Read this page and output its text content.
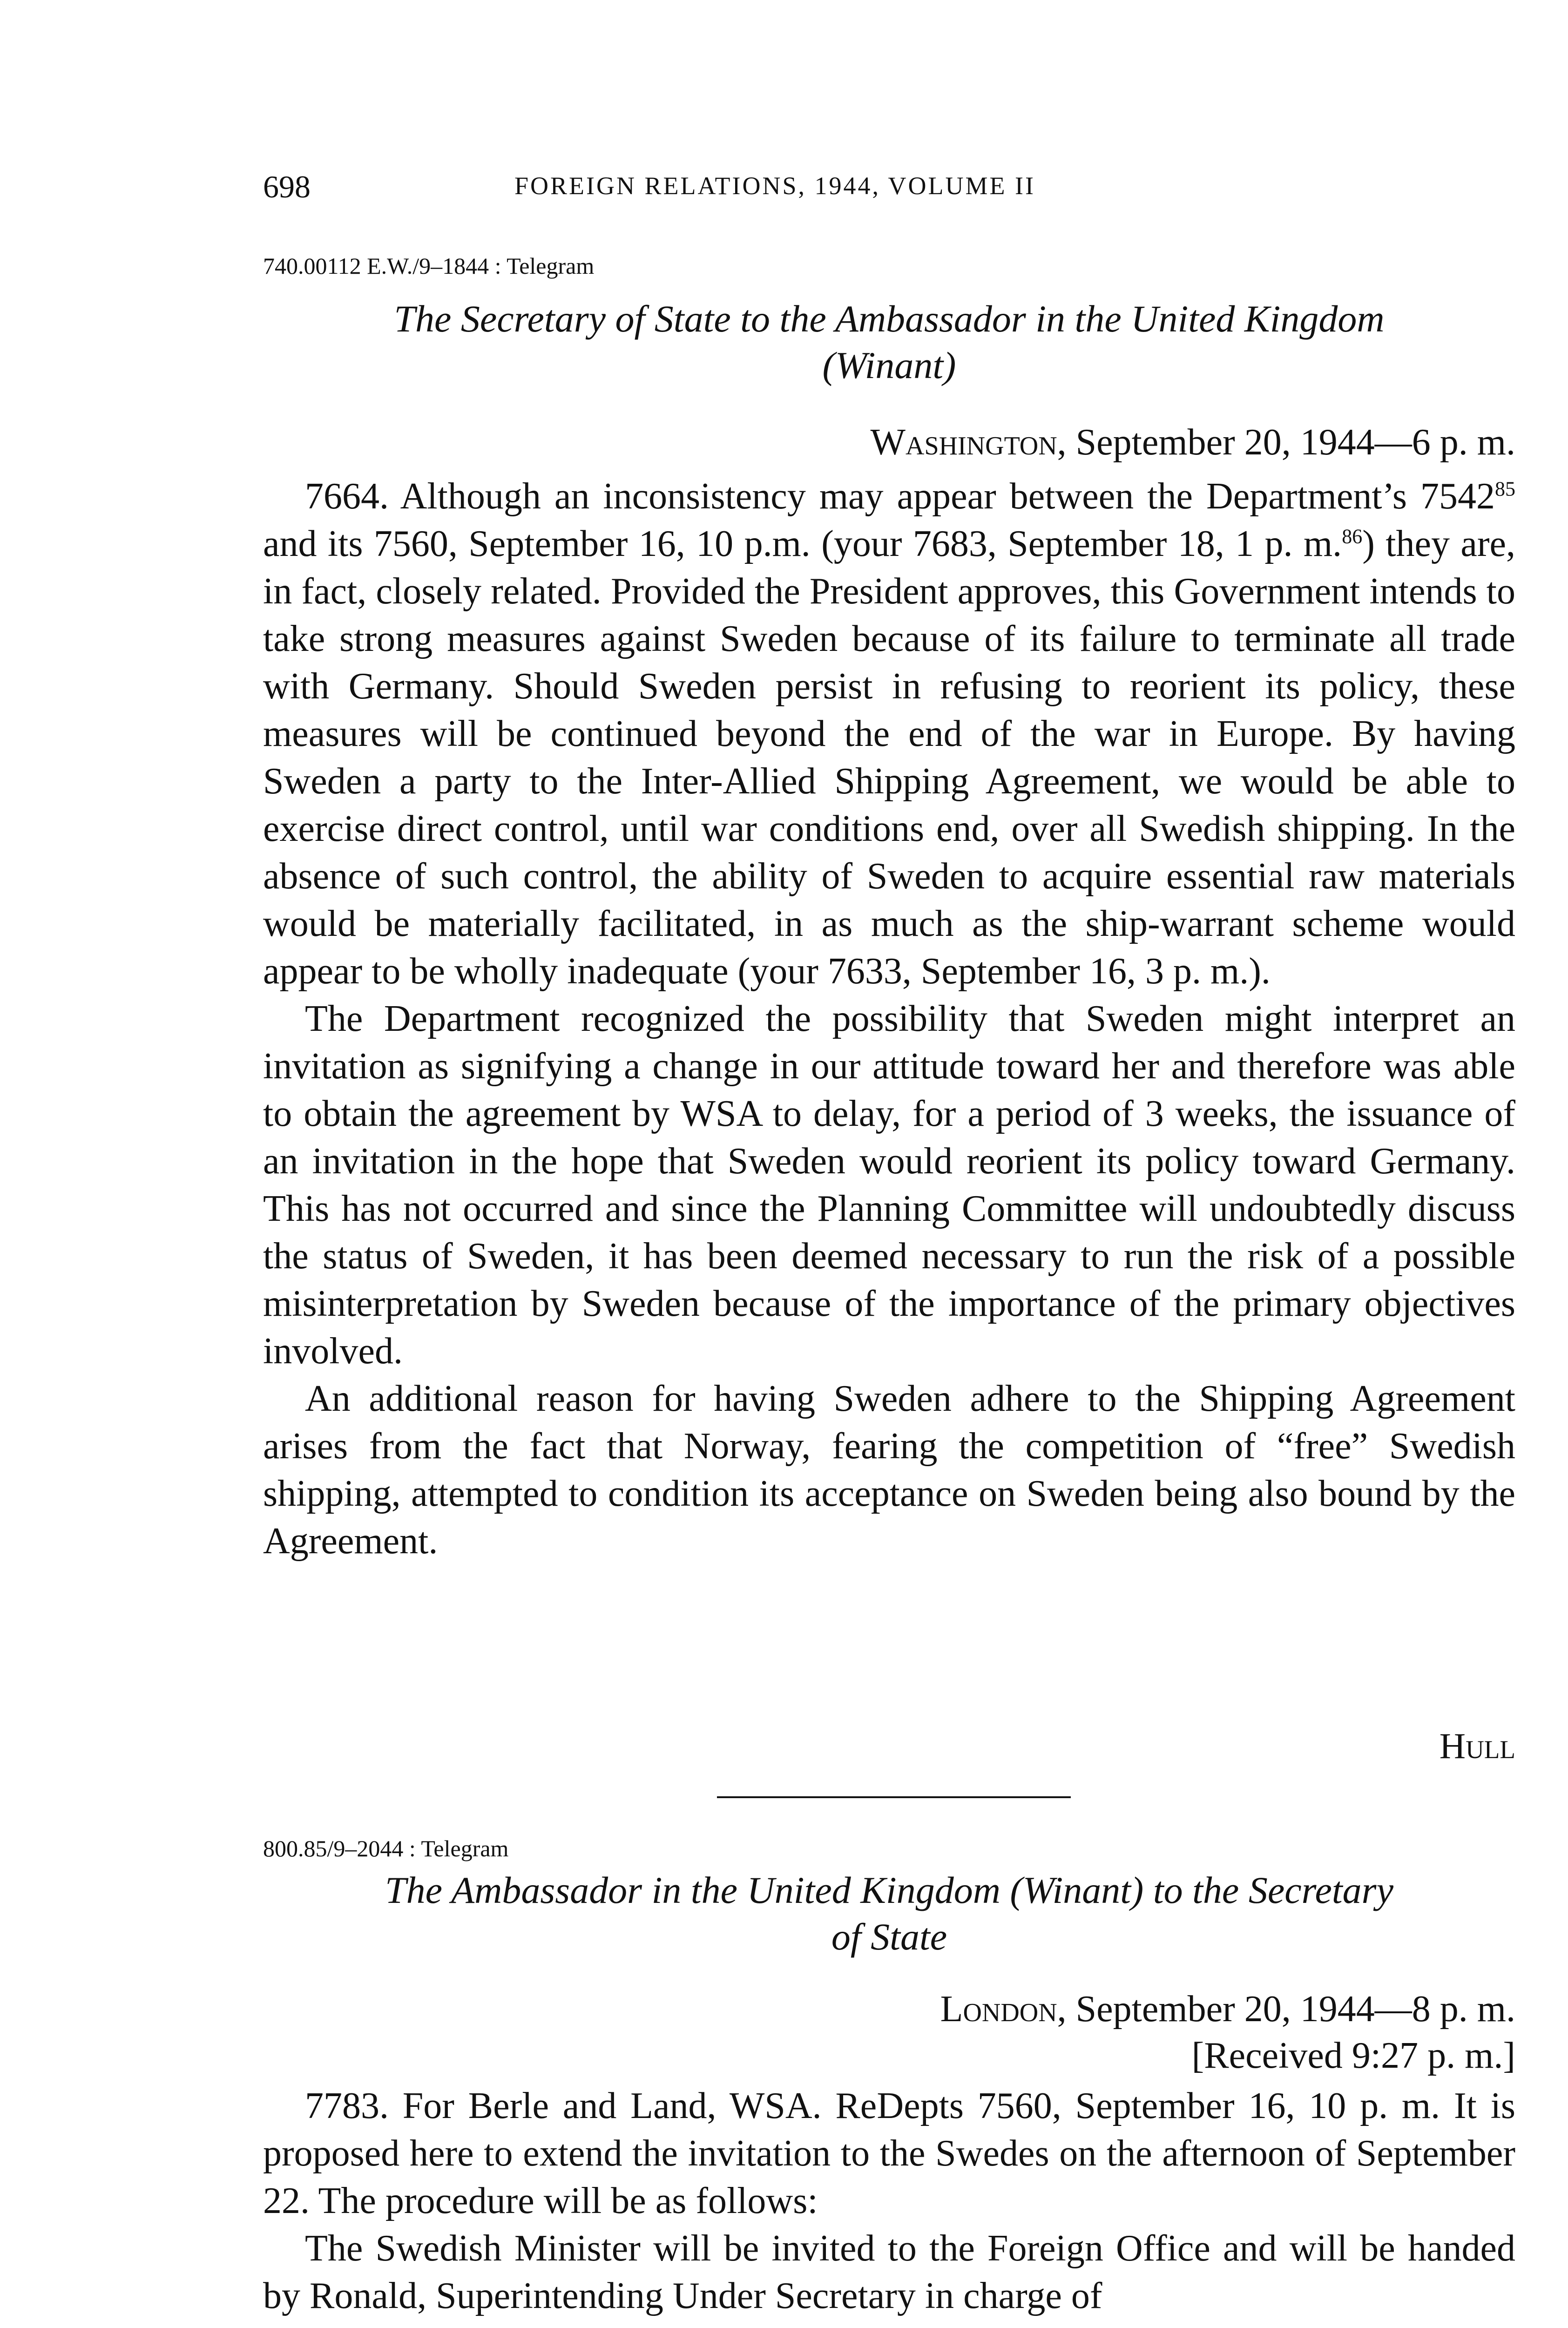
698	FOREIGN RELATIONS, 1944, VOLUME II
740.00112 E.W./9–1844 : Telegram
The Secretary of State to the Ambassador in the United Kingdom
(Winant)
Washington, September 20, 1944—6 p. m.

7664. Although an inconsistency may appear between the Department’s 7542$^{85}$ and its 7560, September 16, 10 p.m. (your 7683, September 18, 1 p. m.$^{86}$) they are, in fact, closely related. Provided the President approves, this Government intends to take strong measures against Sweden because of its failure to terminate all trade with Germany. Should Sweden persist in refusing to reorient its policy, these measures will be continued beyond the end of the war in Europe. By having Sweden a party to the Inter-Allied Shipping Agreement, we would be able to exercise direct control, until war conditions end, over all Swedish shipping. In the absence of such control, the ability of Sweden to acquire essential raw materials would be materially facilitated, in as much as the ship-warrant scheme would appear to be wholly inadequate (your 7633, September 16, 3 p. m.).

The Department recognized the possibility that Sweden might interpret an invitation as signifying a change in our attitude toward her and therefore was able to obtain the agreement by WSA to delay, for a period of 3 weeks, the issuance of an invitation in the hope that Sweden would reorient its policy toward Germany. This has not occurred and since the Planning Committee will undoubtedly discuss the status of Sweden, it has been deemed necessary to run the risk of a possible misinterpretation by Sweden because of the importance of the primary objectives involved.

An additional reason for having Sweden adhere to the Shipping Agreement arises from the fact that Norway, fearing the competition of “free” Swedish shipping, attempted to condition its acceptance on Sweden being also bound by the Agreement.

Hull
800.85/9–2044 : Telegram
The Ambassador in the United Kingdom (Winant) to the Secretary
of State
London, September 20, 1944—8 p. m.
[Received 9:27 p. m.]

7783. For Berle and Land, WSA. ReDepts 7560, September 16, 10 p. m. It is proposed here to extend the invitation to the Swedes on the afternoon of September 22. The procedure will be as follows:

The Swedish Minister will be invited to the Foreign Office and will be handed by Ronald, Superintending Under Secretary in charge of
